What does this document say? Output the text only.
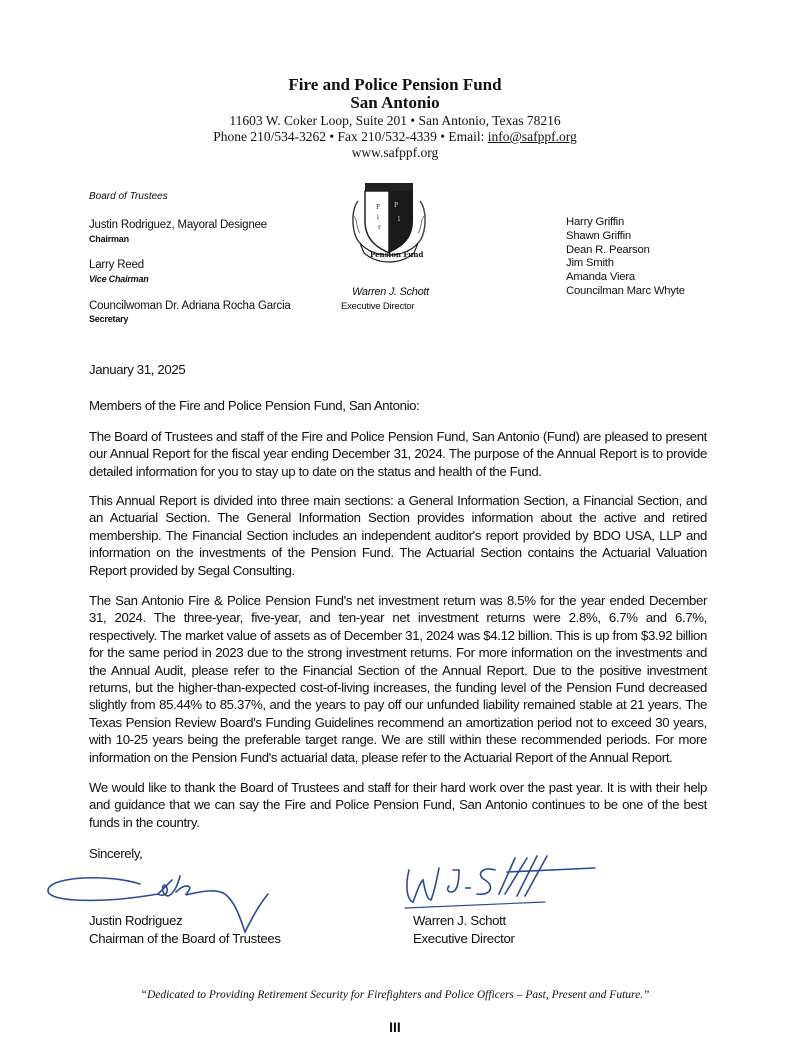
Fire and Police Pension Fund
San Antonio
11603 W. Coker Loop, Suite 201 • San Antonio, Texas 78216
Phone 210/534-3262 • Fax 210/532-4339 • Email: info@safppf.org
www.safppf.org
Board of Trustees
Justin Rodriguez, Mayoral Designee
Chairman
Larry Reed
Vice Chairman
Councilwoman Dr. Adriana Rocha Garcia
Secretary
F
i
r
P
l
Pension Fund
Warren J. Schott
Executive Director
Harry Griffin
Shawn Griffin
Dean R. Pearson
Jim Smith
Amanda Viera
Councilman Marc Whyte
January 31, 2025
Members of the Fire and Police Pension Fund, San Antonio:
The Board of Trustees and staff of the Fire and Police Pension Fund, San Antonio (Fund) are pleased to present our Annual Report for the fiscal year ending December 31, 2024. The purpose of the Annual Report is to provide detailed information for you to stay up to date on the status and health of the Fund.
This Annual Report is divided into three main sections: a General Information Section, a Financial Section, and an Actuarial Section. The General Information Section provides information about the active and retired membership. The Financial Section includes an independent auditor's report provided by BDO USA, LLP and information on the investments of the Pension Fund. The Actuarial Section contains the Actuarial Valuation Report provided by Segal Consulting.
The San Antonio Fire & Police Pension Fund's net investment return was 8.5% for the year ended December 31, 2024. The three-year, five-year, and ten-year net investment returns were 2.8%, 6.7% and 6.7%, respectively. The market value of assets as of December 31, 2024 was $4.12 billion. This is up from $3.92 billion for the same period in 2023 due to the strong investment returns. For more information on the investments and the Annual Audit, please refer to the Financial Section of the Annual Report. Due to the positive investment returns, but the higher-than-expected cost-of-living increases, the funding level of the Pension Fund decreased slightly from 85.44% to 85.37%, and the years to pay off our unfunded liability remained stable at 21 years. The Texas Pension Review Board's Funding Guidelines recommend an amortization period not to exceed 30 years, with 10-25 years being the preferable target range. We are still within these recommended periods. For more information on the Pension Fund's actuarial data, please refer to the Actuarial Report of the Annual Report.
We would like to thank the Board of Trustees and staff for their hard work over the past year. It is with their help and guidance that we can say the Fire and Police Pension Fund, San Antonio continues to be one of the best funds in the country.
Sincerely,
Justin Rodriguez
Chairman of the Board of Trustees
Warren J. Schott
Executive Director
“Dedicated to Providing Retirement Security for Firefighters and Police Officers – Past, Present and Future.”
III
